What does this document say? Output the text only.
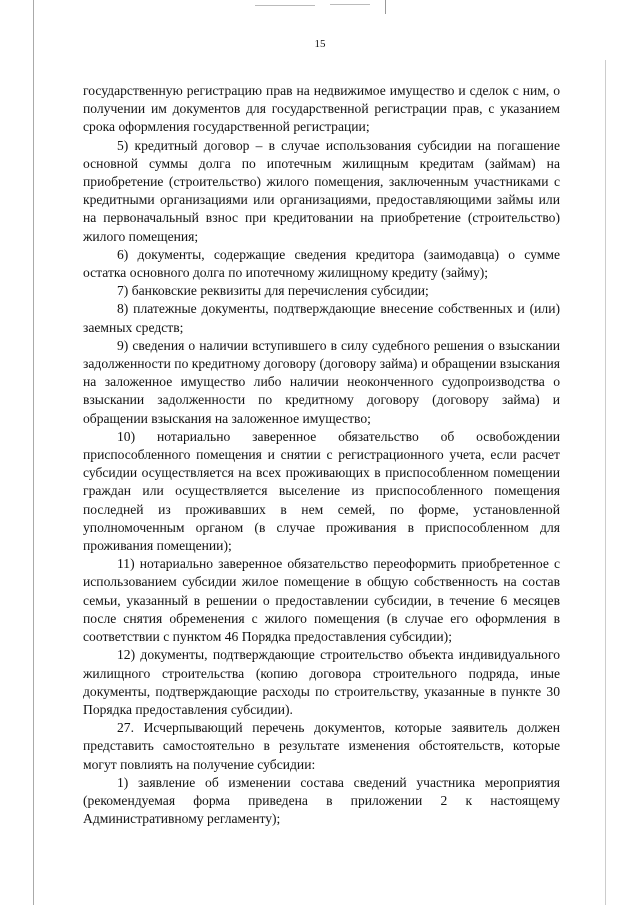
15

государственную регистрацию прав на недвижимое имущество и сделок с ним, о получении им документов для государственной регистрации прав, с указанием срока оформления государственной регистрации;

5) кредитный договор – в случае использования субсидии на погашение основной суммы долга по ипотечным жилищным кредитам (займам) на приобретение (строительство) жилого помещения, заключенным участниками с кредитными организациями или организациями, предоставляющими займы или на первоначальный взнос при кредитовании на приобретение (строительство) жилого помещения;

6) документы, содержащие сведения кредитора (заимодавца) о сумме остатка основного долга по ипотечному жилищному кредиту (займу);

7) банковские реквизиты для перечисления субсидии;

8) платежные документы, подтверждающие внесение собственных и (или) заемных средств;

9) сведения о наличии вступившего в силу судебного решения о взыскании задолженности по кредитному договору (договору займа) и обращении взыскания на заложенное имущество либо наличии неоконченного судопроизводства о взыскании задолженности по кредитному договору (договору займа) и обращении взыскания на заложенное имущество;

10) нотариально заверенное обязательство об освобождении приспособленного помещения и снятии с регистрационного учета, если расчет субсидии осуществляется на всех проживающих в приспособленном помещении граждан или осуществляется выселение из приспособленного помещения последней из проживавших в нем семей, по форме, установленной уполномоченным органом (в случае проживания в приспособленном для проживания помещении);

11) нотариально заверенное обязательство переоформить приобретенное с использованием субсидии жилое помещение в общую собственность на состав семьи, указанный в решении о предоставлении субсидии, в течение 6 месяцев после снятия обременения с жилого помещения (в случае его оформления в соответствии с пунктом 46 Порядка предоставления субсидии);

12) документы, подтверждающие строительство объекта индивидуального жилищного строительства (копию договора строительного подряда, иные документы, подтверждающие расходы по строительству, указанные в пункте 30 Порядка предоставления субсидии).

27. Исчерпывающий перечень документов, которые заявитель должен представить самостоятельно в результате изменения обстоятельств, которые могут повлиять на получение субсидии:

1) заявление об изменении состава сведений участника мероприятия (рекомендуемая форма приведена в приложении 2 к настоящему Административному регламенту);
